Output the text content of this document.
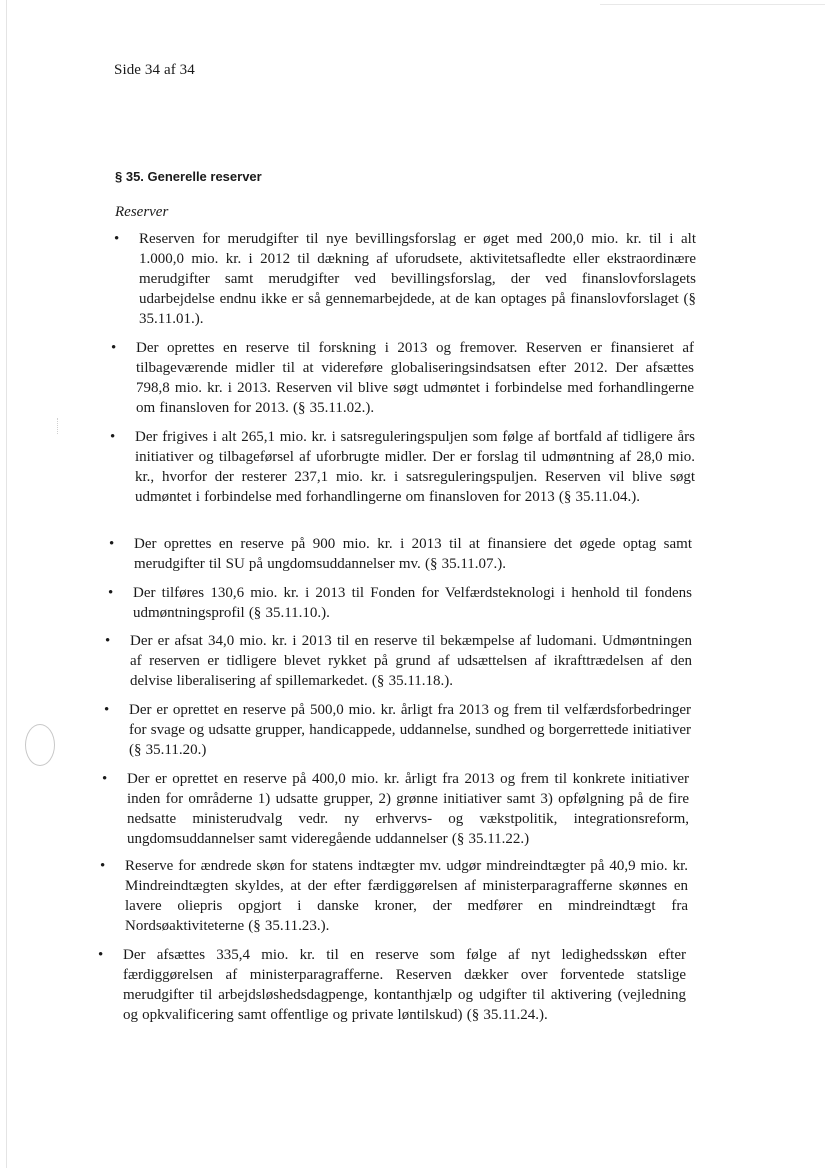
Side 34 af 34
§ 35. Generelle reserver
Reserver
• Reserven for merudgifter til nye bevillingsforslag er øget med 200,0 mio. kr. til i alt 1.000,0 mio. kr. i 2012 til dækning af uforudsete, aktivitetsafledte eller ekstraordinære merudgifter samt merudgifter ved bevillingsforslag, der ved finanslovforslagets udarbejdelse endnu ikke er så gennemarbejdede, at de kan optages på finanslovforslaget (§ 35.11.01.).
• Der oprettes en reserve til forskning i 2013 og fremover. Reserven er finansieret af tilbageværende midler til at videreføre globaliseringsindsatsen efter 2012. Der afsættes 798,8 mio. kr. i 2013. Reserven vil blive søgt udmøntet i forbindelse med forhandlingerne om finansloven for 2013. (§ 35.11.02.).
• Der frigives i alt 265,1 mio. kr. i satsreguleringspuljen som følge af bortfald af tidligere års initiativer og tilbageførsel af uforbrugte midler. Der er forslag til udmøntning af 28,0 mio. kr., hvorfor der resterer 237,1 mio. kr. i satsreguleringspuljen. Reserven vil blive søgt udmøntet i forbindelse med forhandlingerne om finansloven for 2013 (§ 35.11.04.).
• Der oprettes en reserve på 900 mio. kr. i 2013 til at finansiere det øgede optag samt merudgifter til SU på ungdomsuddannelser mv. (§ 35.11.07.).
• Der tilføres 130,6 mio. kr. i 2013 til Fonden for Velfærdsteknologi i henhold til fondens udmøntningsprofil (§ 35.11.10.).
• Der er afsat 34,0 mio. kr. i 2013 til en reserve til bekæmpelse af ludomani. Udmøntningen af reserven er tidligere blevet rykket på grund af udsættelsen af ikrafttrædelsen af den delvise liberalisering af spillemarkedet. (§ 35.11.18.).
• Der er oprettet en reserve på 500,0 mio. kr. årligt fra 2013 og frem til velfærdsforbedringer for svage og udsatte grupper, handicappede, uddannelse, sundhed og borgerrettede initiativer (§ 35.11.20.)
• Der er oprettet en reserve på 400,0 mio. kr. årligt fra 2013 og frem til konkrete initiativer inden for områderne 1) udsatte grupper, 2) grønne initiativer samt 3) opfølgning på de fire nedsatte ministerudvalg vedr. ny erhvervs- og vækstpolitik, integrationsreform, ungdomsuddannelser samt videregående uddannelser (§ 35.11.22.)
• Reserve for ændrede skøn for statens indtægter mv. udgør mindreindtægter på 40,9 mio. kr. Mindreindtægten skyldes, at der efter færdiggørelsen af ministerparagrafferne skønnes en lavere oliepris opgjort i danske kroner, der medfører en mindreindtægt fra Nordsøaktiviteterne (§ 35.11.23.).
• Der afsættes 335,4 mio. kr. til en reserve som følge af nyt ledighedsskøn efter færdiggørelsen af ministerparagrafferne. Reserven dækker over forventede statslige merudgifter til arbejdsløshedsdagpenge, kontanthjælp og udgifter til aktivering (vejledning og opkvalificering samt offentlige og private løntilskud) (§ 35.11.24.).
